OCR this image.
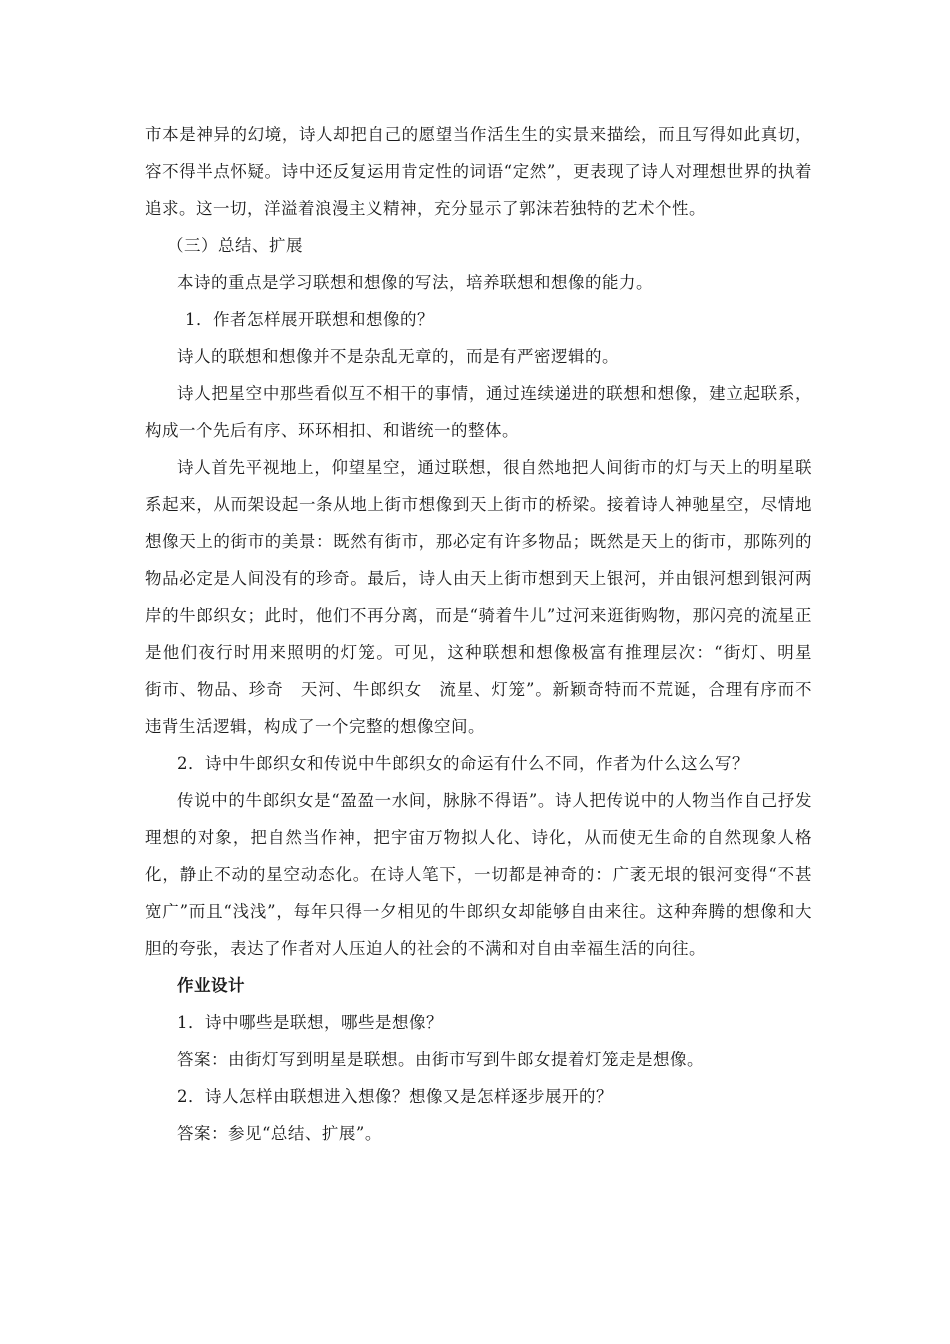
市本是神异的幻境，诗人却把自己的愿望当作活生生的实景来描绘，而且写得如此真切，容不得半点怀疑。诗中还反复运用肯定性的词语“定然”，更表现了诗人对理想世界的执着追求。这一切，洋溢着浪漫主义精神，充分显示了郭沫若独特的艺术个性。

（三）总结、扩展

本诗的重点是学习联想和想像的写法，培养联想和想像的能力。

1．作者怎样展开联想和想像的？

诗人的联想和想像并不是杂乱无章的，而是有严密逻辑的。

诗人把星空中那些看似互不相干的事情，通过连续递进的联想和想像，建立起联系，构成一个先后有序、环环相扣、和谐统一的整体。

诗人首先平视地上，仰望星空，通过联想，很自然地把人间街市的灯与天上的明星联系起来，从而架设起一条从地上街市想像到天上街市的桥梁。接着诗人神驰星空，尽情地想像天上的街市的美景：既然有街市，那必定有许多物品；既然是天上的街市，那陈列的物品必定是人间没有的珍奇。最后，诗人由天上街市想到天上银河，并由银河想到银河两岸的牛郎织女；此时，他们不再分离，而是“骑着牛儿”过河来逛街购物，那闪亮的流星正是他们夜行时用来照明的灯笼。可见，这种联想和想像极富有推理层次：“街灯、明星　街市、物品、珍奇　天河、牛郎织女　流星、灯笼”。新颖奇特而不荒诞，合理有序而不违背生活逻辑，构成了一个完整的想像空间。

2．诗中牛郎织女和传说中牛郎织女的命运有什么不同，作者为什么这么写？

传说中的牛郎织女是“盈盈一水间，脉脉不得语”。诗人把传说中的人物当作自己抒发理想的对象，把自然当作神，把宇宙万物拟人化、诗化，从而使无生命的自然现象人格化，静止不动的星空动态化。在诗人笔下，一切都是神奇的：广袤无垠的银河变得“不甚宽广”而且“浅浅”，每年只得一夕相见的牛郎织女却能够自由来往。这种奔腾的想像和大胆的夸张，表达了作者对人压迫人的社会的不满和对自由幸福生活的向往。

作业设计

1．诗中哪些是联想，哪些是想像？

答案：由街灯写到明星是联想。由街市写到牛郎女提着灯笼走是想像。

2．诗人怎样由联想进入想像？想像又是怎样逐步展开的？

答案：参见“总结、扩展”。
